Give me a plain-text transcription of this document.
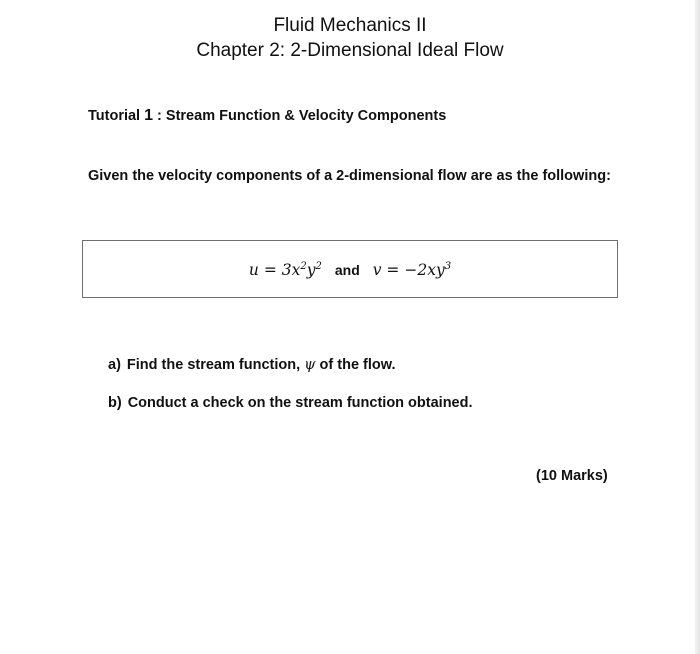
Fluid Mechanics II
Chapter 2: 2-Dimensional Ideal Flow
Tutorial 1 : Stream Function & Velocity Components
Given the velocity components of a 2-dimensional flow are as the following:
$u = 3x^2y^2$ and $v = -2xy^3$
a) Find the stream function, ψ of the flow.
b) Conduct a check on the stream function obtained.
(10 Marks)
